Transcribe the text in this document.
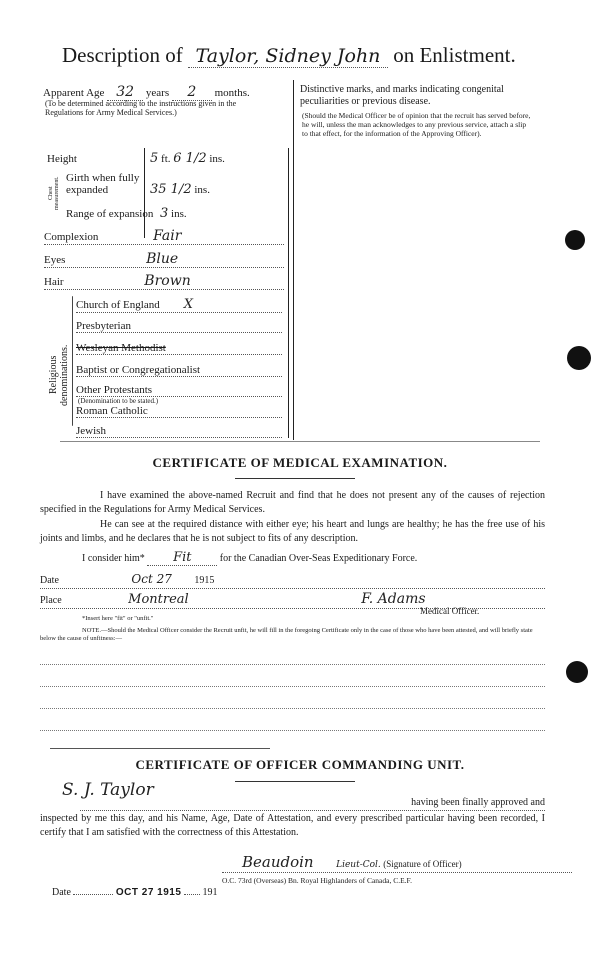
Description of Taylor, Sidney John on Enlistment.
Apparent Age 32 years 2 months.
(To be determined according to the instructions given in the Regulations for Army Medical Services.)
Distinctive marks, and marks indicating congenital peculiarities or previous disease.
(Should the Medical Officer be of opinion that the recruit has served before, he will, unless the man acknowledges to any previous service, attach a slip to that effect, for the information of the Approving Officer).
Height	5 ft. 6 1/2 ins.
Chest measurement. Girth when fully expanded	35 1/2 ins.
Range of expansion 3 ins.
Complexion	Fair
Eyes	Blue
Hair	Brown
Religious denominations.
Church of England X
Presbyterian
Wesleyan Methodist
Baptist or Congregationalist
Other Protestants
(Denomination to be stated.)
Roman Catholic
Jewish
CERTIFICATE OF MEDICAL EXAMINATION.
I have examined the above-named Recruit and find that he does not present any of the causes of rejection specified in the Regulations for Army Medical Services.
He can see at the required distance with either eye; his heart and lungs are healthy; he has the free use of his joints and limbs, and he declares that he is not subject to fits of any description.
I consider him* Fit	for the Canadian Over-Seas Expeditionary Force.
Date	Oct 27 1915
Place	Montreal	F. Adams
Medical Officer.
*Insert here "fit" or "unfit."
NOTE.—Should the Medical Officer consider the Recruit unfit, he will fill in the foregoing Certificate only in the case of those who have been attested, and will briefly state below the cause of unfitness:—
CERTIFICATE OF OFFICER COMMANDING UNIT.
S. J. Taylor
having been finally approved and
inspected by me this day, and his Name, Age, Date of Attestation, and every prescribed particular having been recorded, I certify that I am satisfied with the correctness of this Attestation.
Beaudoin	Lieut-Col. (Signature of Officer)
O.C. 73rd (Overseas) Bn. Royal Highlanders of Canada, C.E.F.
Date	OCT 27 1915 191
